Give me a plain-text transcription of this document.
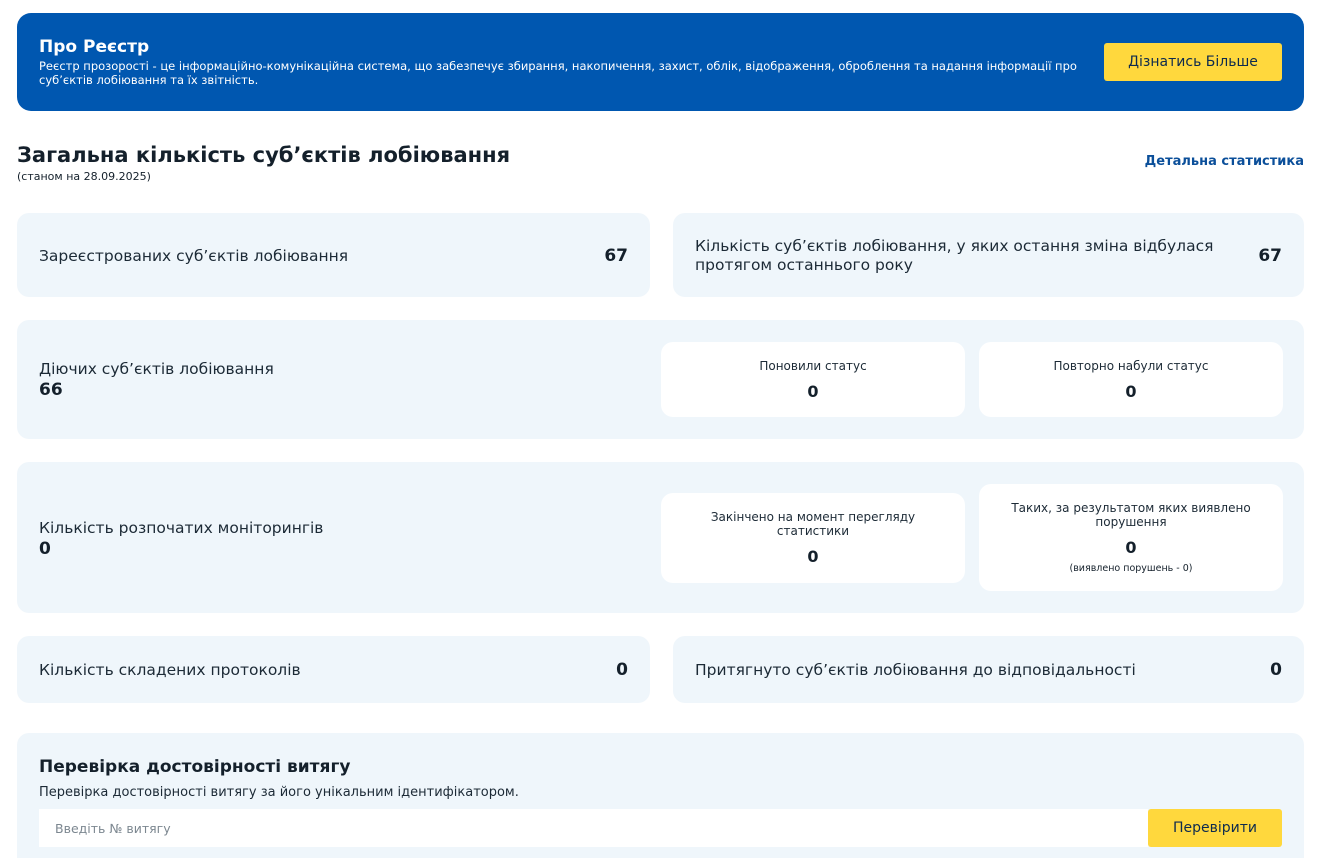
Про Реєстр
Реєстр прозорості - це інформаційно-комунікаційна система, що забезпечує збирання, накопичення, захист, облік, відображення, оброблення та надання інформації про суб’єктів лобіювання та їх звітність.
Дізнатись Більше
Загальна кількість суб’єктів лобіювання
(станом на 28.09.2025)
Детальна статистика
Зареєстрованих суб’єктів лобіювання	67	Кількість суб’єктів лобіювання, у яких остання зміна відбулася протягом останнього року	67
Діючих суб’єктів лобіювання
66
Поновили статус
0
Повторно набули статус
0
Кількість розпочатих моніторингів
0
Закінчено на момент перегляду статистики
0
Таких, за результатом яких виявлено порушення
0
(виявлено порушень - 0)
Кількість складених протоколів	0	Притягнуто суб’єктів лобіювання до відповідальності	0
Перевірка достовірності витягу
Перевірка достовірності витягу за його унікальним ідентифікатором.
Введіть № витягу
Перевірити
